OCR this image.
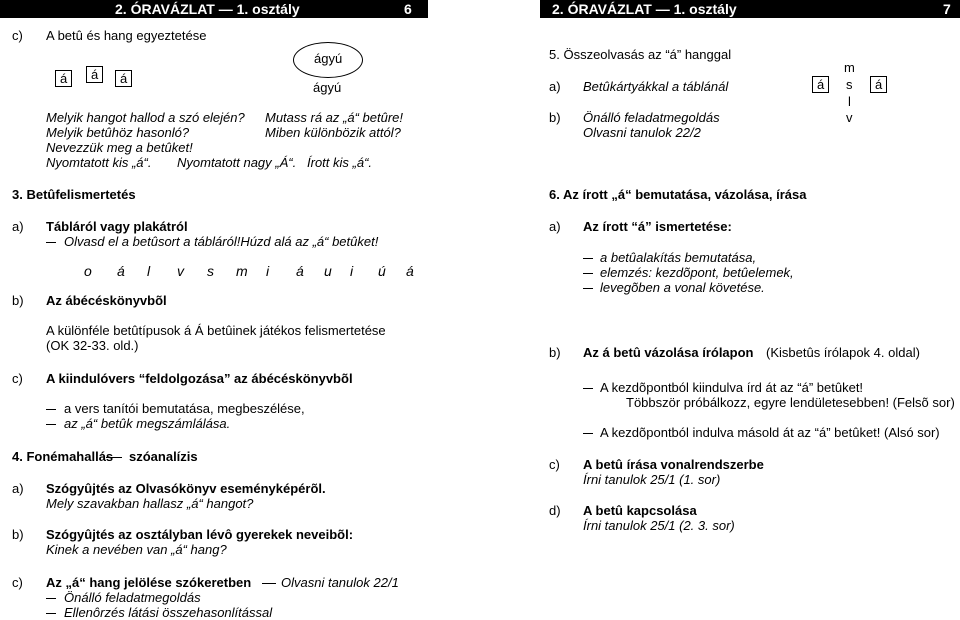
2. ÓRAVÁZLAT — 1. osztály	6	2. ÓRAVÁZLAT — 1. osztály	7
c) A betû és hang egyeztetése
á	á	á
ágyú
ágyú
Melyik hangot hallod a szó elején?
Melyik betûhöz hasonló?
Nevezzük meg a betûket!
Nyomtatott kis „á“. Nyomtatott nagy „Á“. Írott kis „á“.
Mutass rá az „á“ betûre!
Miben különbözik attól?
3. Betûfelismertetés
a) Tábláról vagy plakátról
Olvasd el a betûsort a tábláról!Húzd alá az „á“ betûket!
o á l v s m i á u i ú á
b) Az ábécéskönyvbõl
A különféle betûtípusok á Á betûinek játékos felismertetése
(OK 32-33. old.)
c) A kiindulóvers “feldolgozása” az ábécéskönyvbõl
a vers tanítói bemutatása, megbeszélése,
az „á“ betûk megszámlálása.
4. Fonémahallás szóanalízis
a) Szógyûjtés az Olvasókönyv eseményképérõl.
Mely szavakban hallasz „á“ hangot?
b) Szógyûjtés az osztályban lévô gyerekek neveibõl:
Kinek a nevében van „á“ hang?
c) Az „á“ hang jelölése szókeretben Olvasni tanulok 22/1
Önálló feladatmegoldás
Ellenôrzés látási összehasonlítással
5. Összeolvasás az “á” hanggal
a) Betûkártyákkal a táblánál
b) Önálló feladatmegoldás
Olvasni tanulok 22/2
m
á	s	á
l
v
6. Az írott „á“ bemutatása, vázolása, írása
a) Az írott “á” ismertetése:
a betûalakítás bemutatása,
elemzés: kezdõpont, betûelemek,
levegõben a vonal követése.
b) Az á betû vázolása írólapon (Kisbetûs írólapok 4. oldal)
A kezdõpontból kiindulva írd át az “á” betûket!
Többször próbálkozz, egyre lendületesebben! (Felsõ sor)
A kezdõpontból indulva másold át az “á” betûket! (Alsó sor)
c) A betû írása vonalrendszerbe
Írni tanulok 25/1 (1. sor)
d) A betû kapcsolása
Írni tanulok 25/1 (2. 3. sor)
